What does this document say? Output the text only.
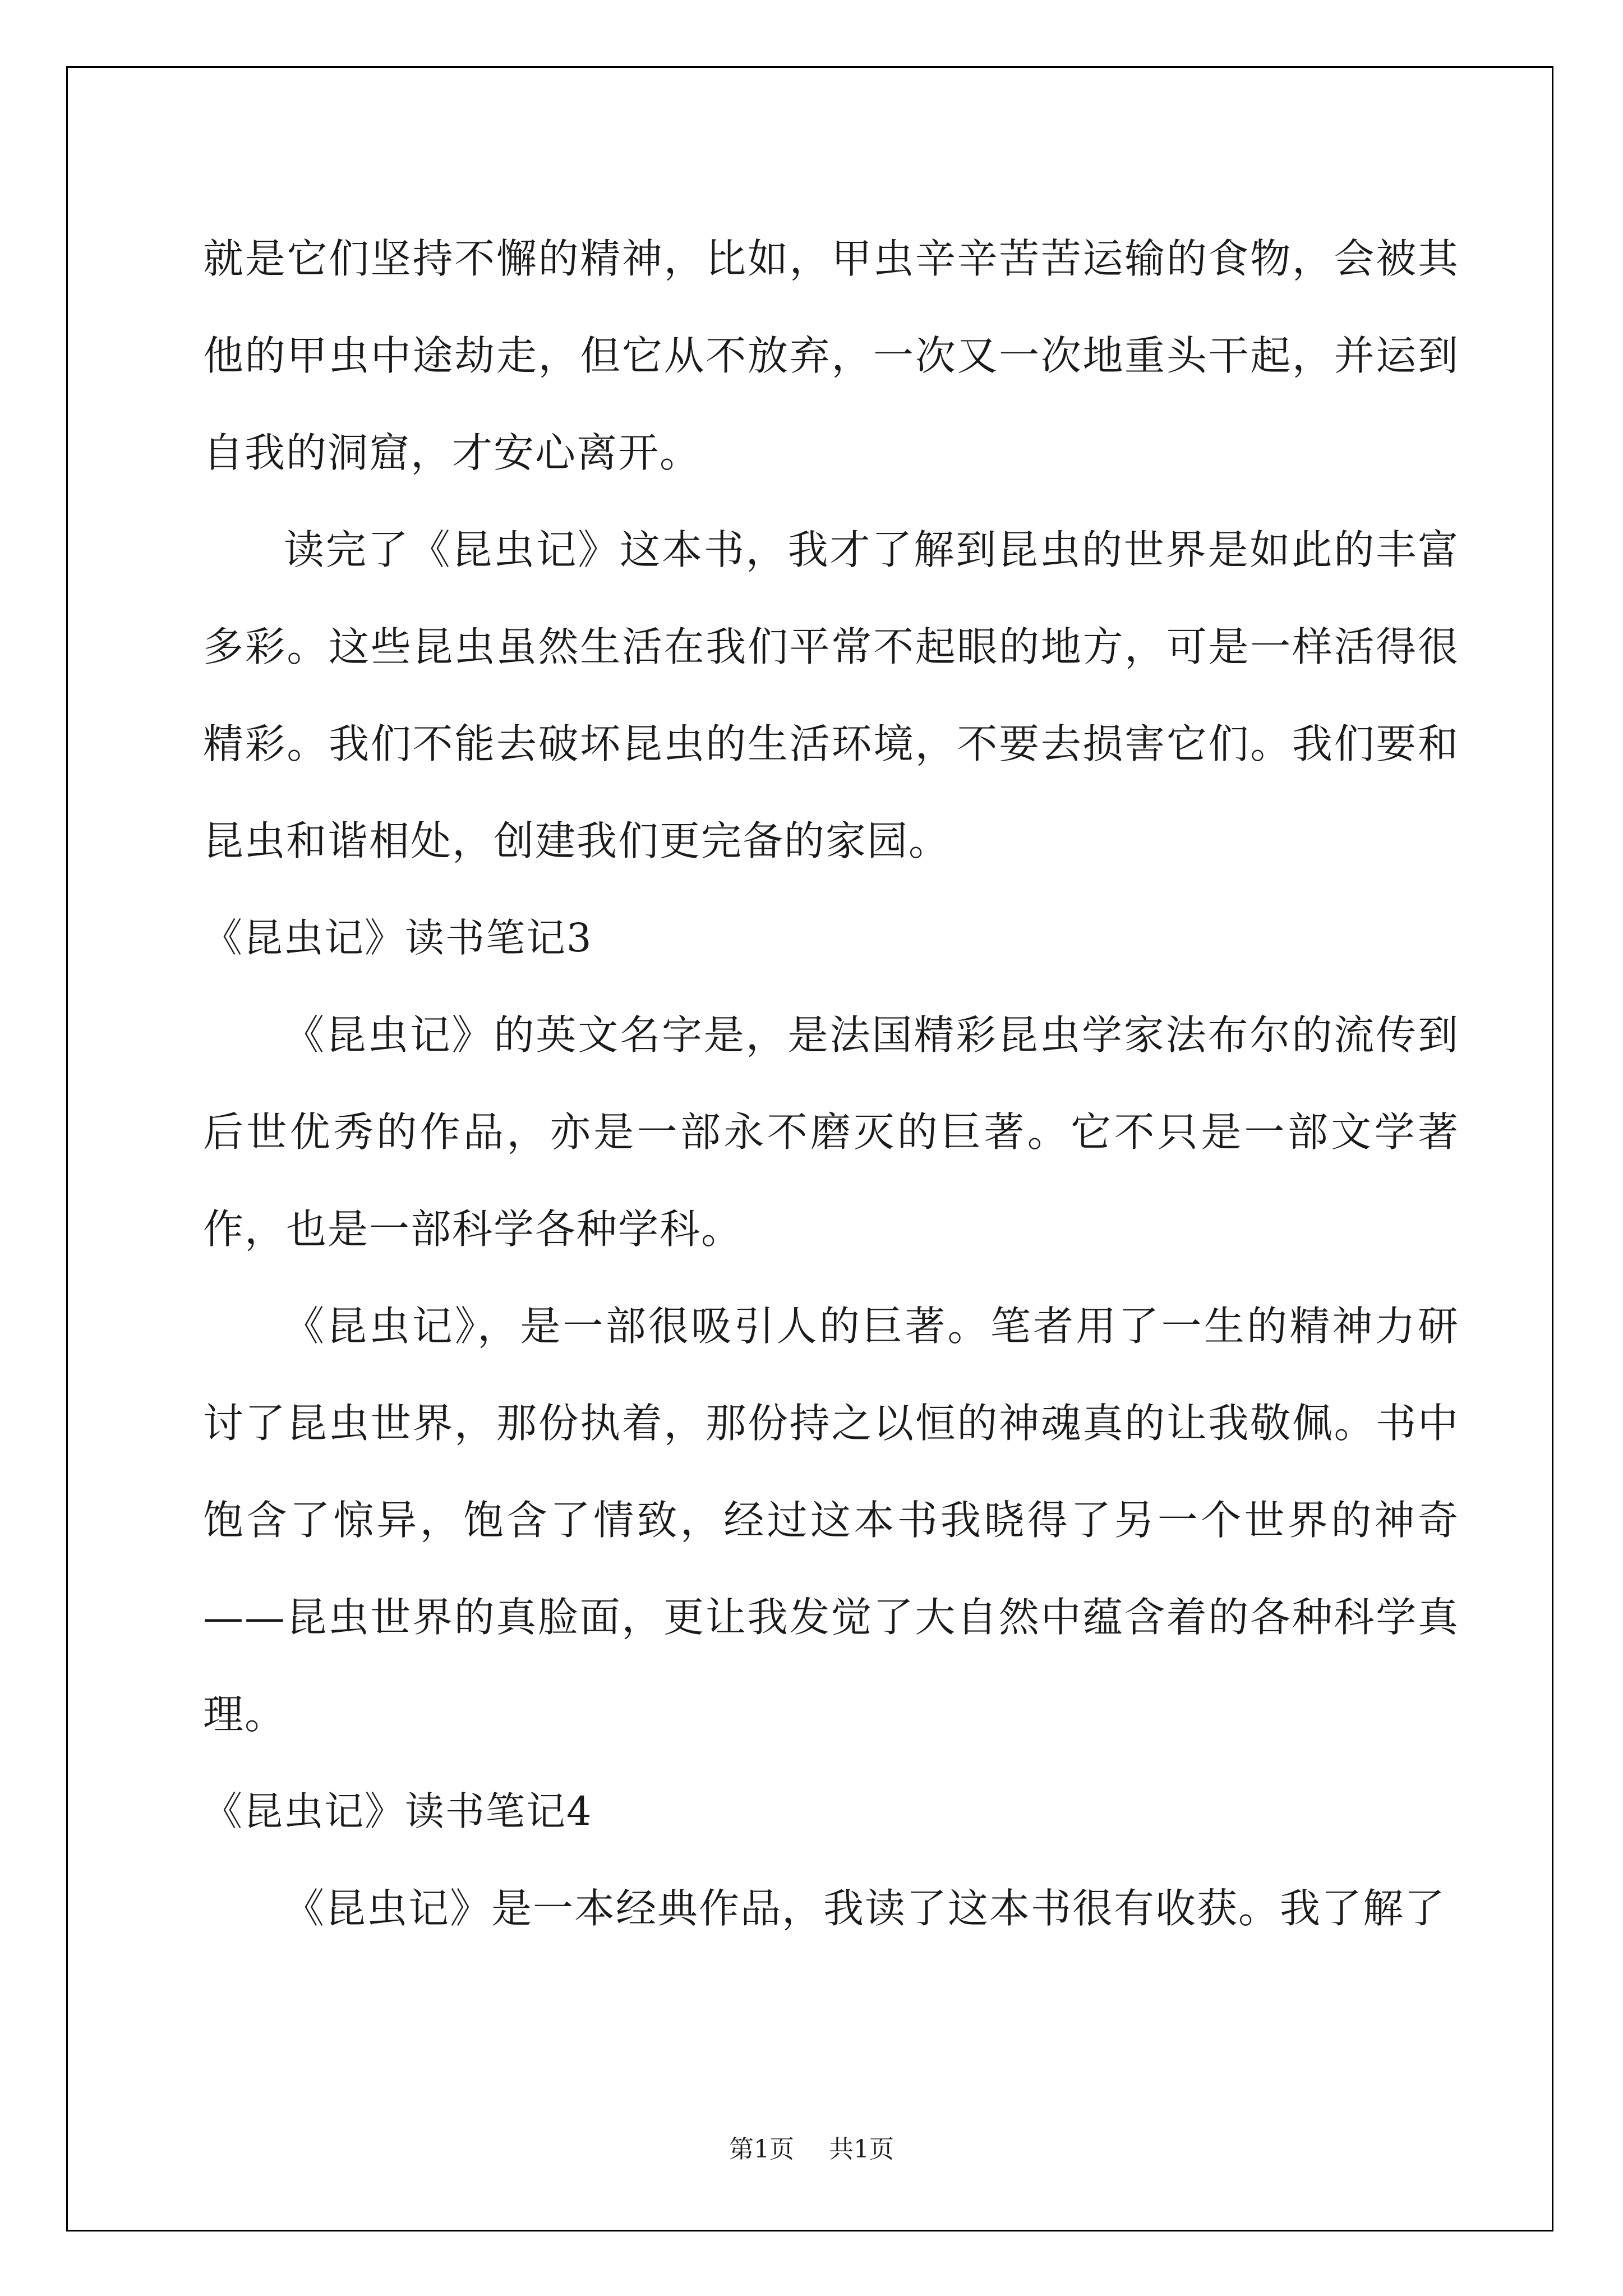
就是它们坚持不懈的精神，比如，甲虫辛辛苦苦运输的食物，会被其他的甲虫中途劫走，但它从不放弃，一次又一次地重头干起，并运到自我的洞窟，才安心离开。

读完了《昆虫记》这本书，我才了解到昆虫的世界是如此的丰富多彩。这些昆虫虽然生活在我们平常不起眼的地方，可是一样活得很精彩。我们不能去破坏昆虫的生活环境，不要去损害它们。我们要和昆虫和谐相处，创建我们更完备的家园。

《昆虫记》读书笔记3

《昆虫记》的英文名字是，是法国精彩昆虫学家法布尔的流传到后世优秀的作品，亦是一部永不磨灭的巨著。它不只是一部文学著作，也是一部科学各种学科。

《昆虫记》，是一部很吸引人的巨著。笔者用了一生的精神力研讨了昆虫世界，那份执着，那份持之以恒的神魂真的让我敬佩。书中饱含了惊异，饱含了情致，经过这本书我晓得了另一个世界的神奇——昆虫世界的真脸面，更让我发觉了大自然中蕴含着的各种科学真理。

《昆虫记》读书笔记4

《昆虫记》是一本经典作品，我读了这本书很有收获。我了解了

第1页 共1页
